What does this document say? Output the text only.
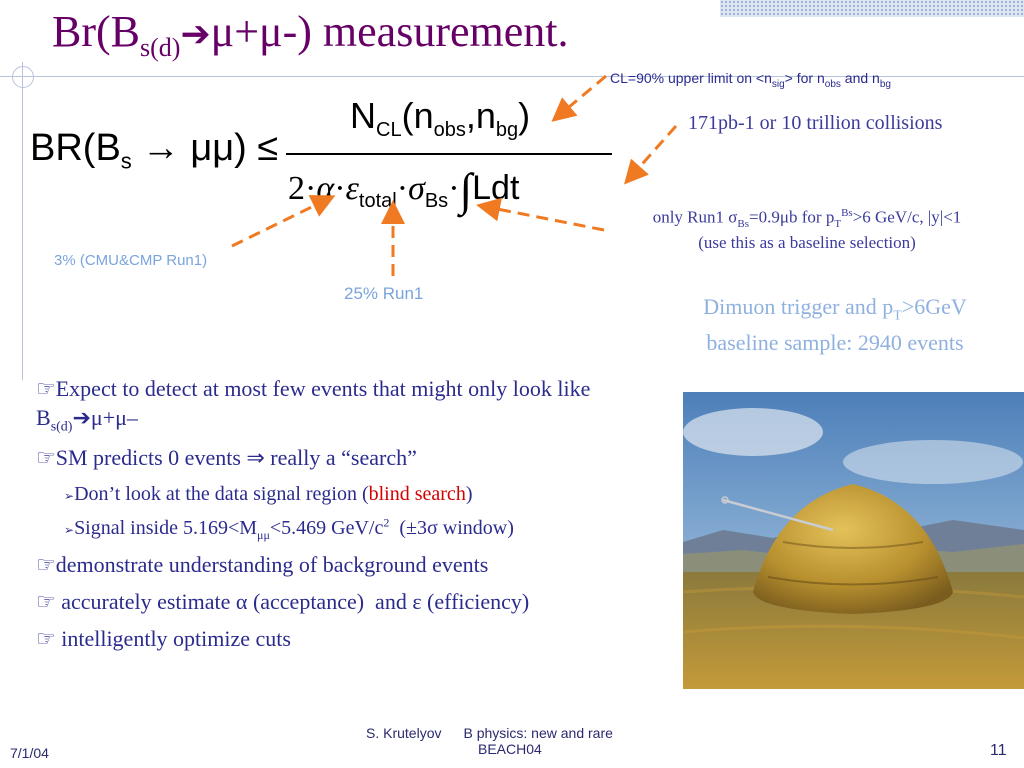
$Br(B_{s(d)}➔\mu+\mu-)$ measurement.
$BR(B_s \to \mu\mu)$ ≤
$N_{CL}(n_{obs},n_{bg})$
$2\cdot\alpha\cdot\varepsilon_{total}\cdot\sigma_{Bs}\cdot\int Ldt$
CL=90% upper limit on $<n_{sig}>$ for $n_{obs}$ and $n_{bg}$
171pb-1 or 10 trillion collisions
only Run1 $\sigma_{Bs}=0.9\mu b$ for $p_T^{Bs}>6$ GeV/c, |y|<1
(use this as a baseline selection)
3% (CMU&CMP Run1)
25% Run1
Dimuon trigger and $p_T>6GeV$
baseline sample: 2940 events
☞Expect to detect at most few events that might only look like $B_{s(d)}➔\mu+\mu-$
☞SM predicts 0 events ⇒ really a “search”
➢Don’t look at the data signal region (blind search)
➢Signal inside $5.169<M_{\mu\mu}<5.469$ GeV/$c^2$  (±3σ window)
☞demonstrate understanding of background events
☞ accurately estimate α (acceptance)  and ε (efficiency)
☞ intelligently optimize cuts
7/1/04
S. Krutelyov B physics: new and rare
BEACH04	11
